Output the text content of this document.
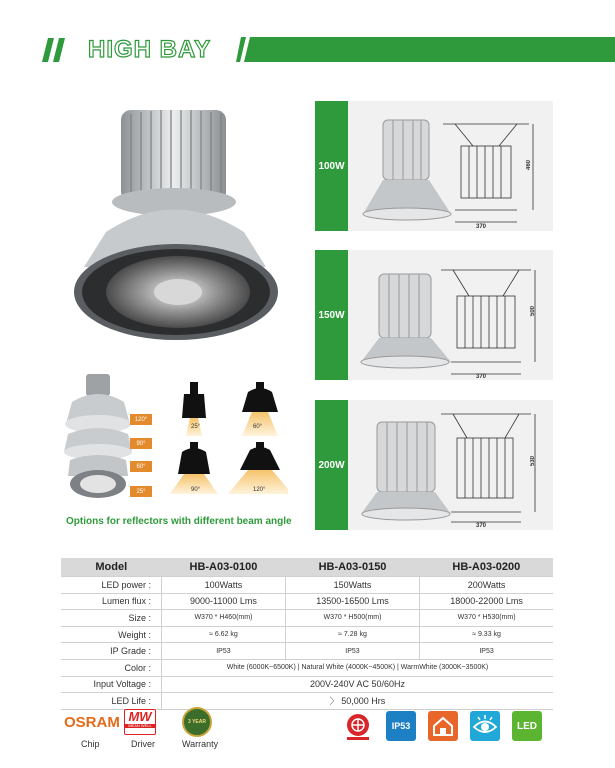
HIGH BAY
120°
90°
60°
25°
25°	60°
90°	120°
Options for reflectors with different beam angle
100W
150W
200W
460
370
500
370
530
370
Model	HB-A03-0100	HB-A03-0150	HB-A03-0200
LED power :	100Watts	150Watts	200Watts
Lumen flux :	9000-11000 Lms	13500-16500 Lms	18000-22000 Lms
Size :	W370 * H460(mm)	W370 * H500(mm)	W370 * H530(mm)
Weight :	≈ 6.62 kg	≈ 7.28 kg	≈ 9.33 kg
IP Grade :	IP53	IP53	IP53
Color :	White (6000K~6500K) | Natural White (4000K~4500K) | WarmWhite (3000K~3500K)		
Input Voltage :	200V-240V AC 50/60Hz		
LED Life :	〉 50,000 Hrs		
OSRAM MW
MEAN WELL
3 YEAR
Chip	Driver	Warranty
IP53	LED
